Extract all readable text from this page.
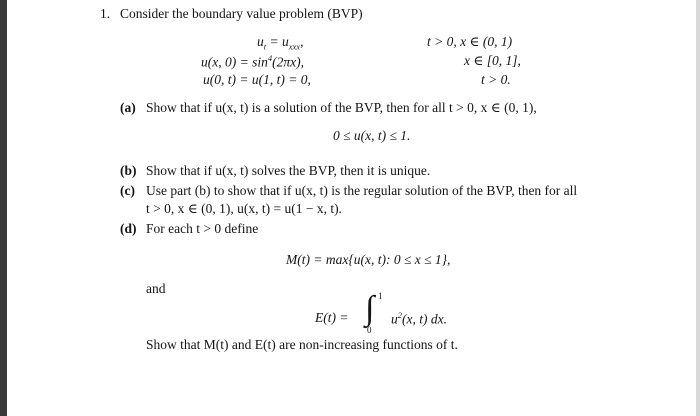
1. Consider the boundary value problem (BVP)
$u_t = u_{xxx}$,	t > 0, x ∈ (0, 1)
u(x, $0) = \sin^4(2\pi x)$,	x ∈ [0, 1],
u(0, t) = u(1, t) = 0,	t > 0.
(a) Show that if u(x, t) is a solution of the BVP, then for all t > 0, x ∈ (0, 1),
0 ≤ u(x, t) ≤ 1.
(b) Show that if u(x, t) solves the BVP, then it is unique.
(c) Use part (b) to show that if u(x, t) is the regular solution of the BVP, then for all
t > 0, x ∈ (0, 1), u(x, t) = u(1 − x, t).
(d) For each t > 0 define
M(t) = max{u(x, t): 0 ≤ x ≤ 1},
and
E(t) = ∫ 1
0
$u^2(x$, t) dx.
Show that M(t) and E(t) are non-increasing functions of t.
